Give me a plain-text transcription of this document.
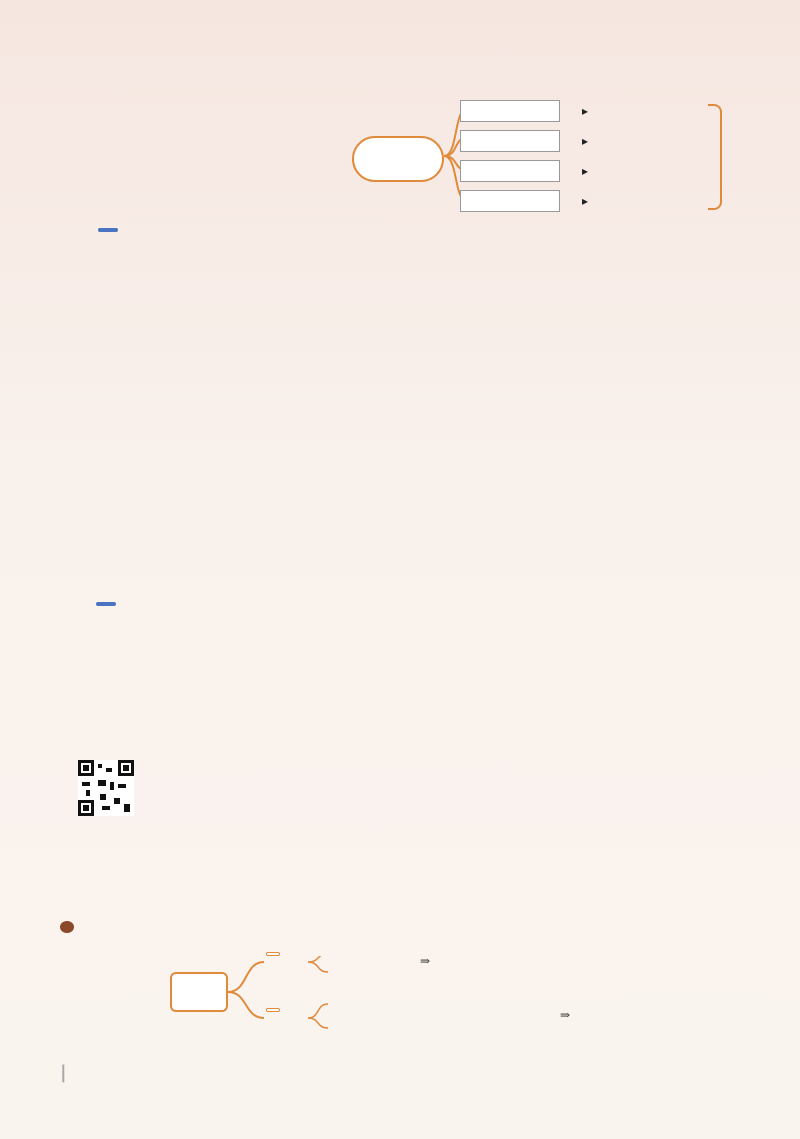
▸
▸
▸
▸

⇒
⇒
|
